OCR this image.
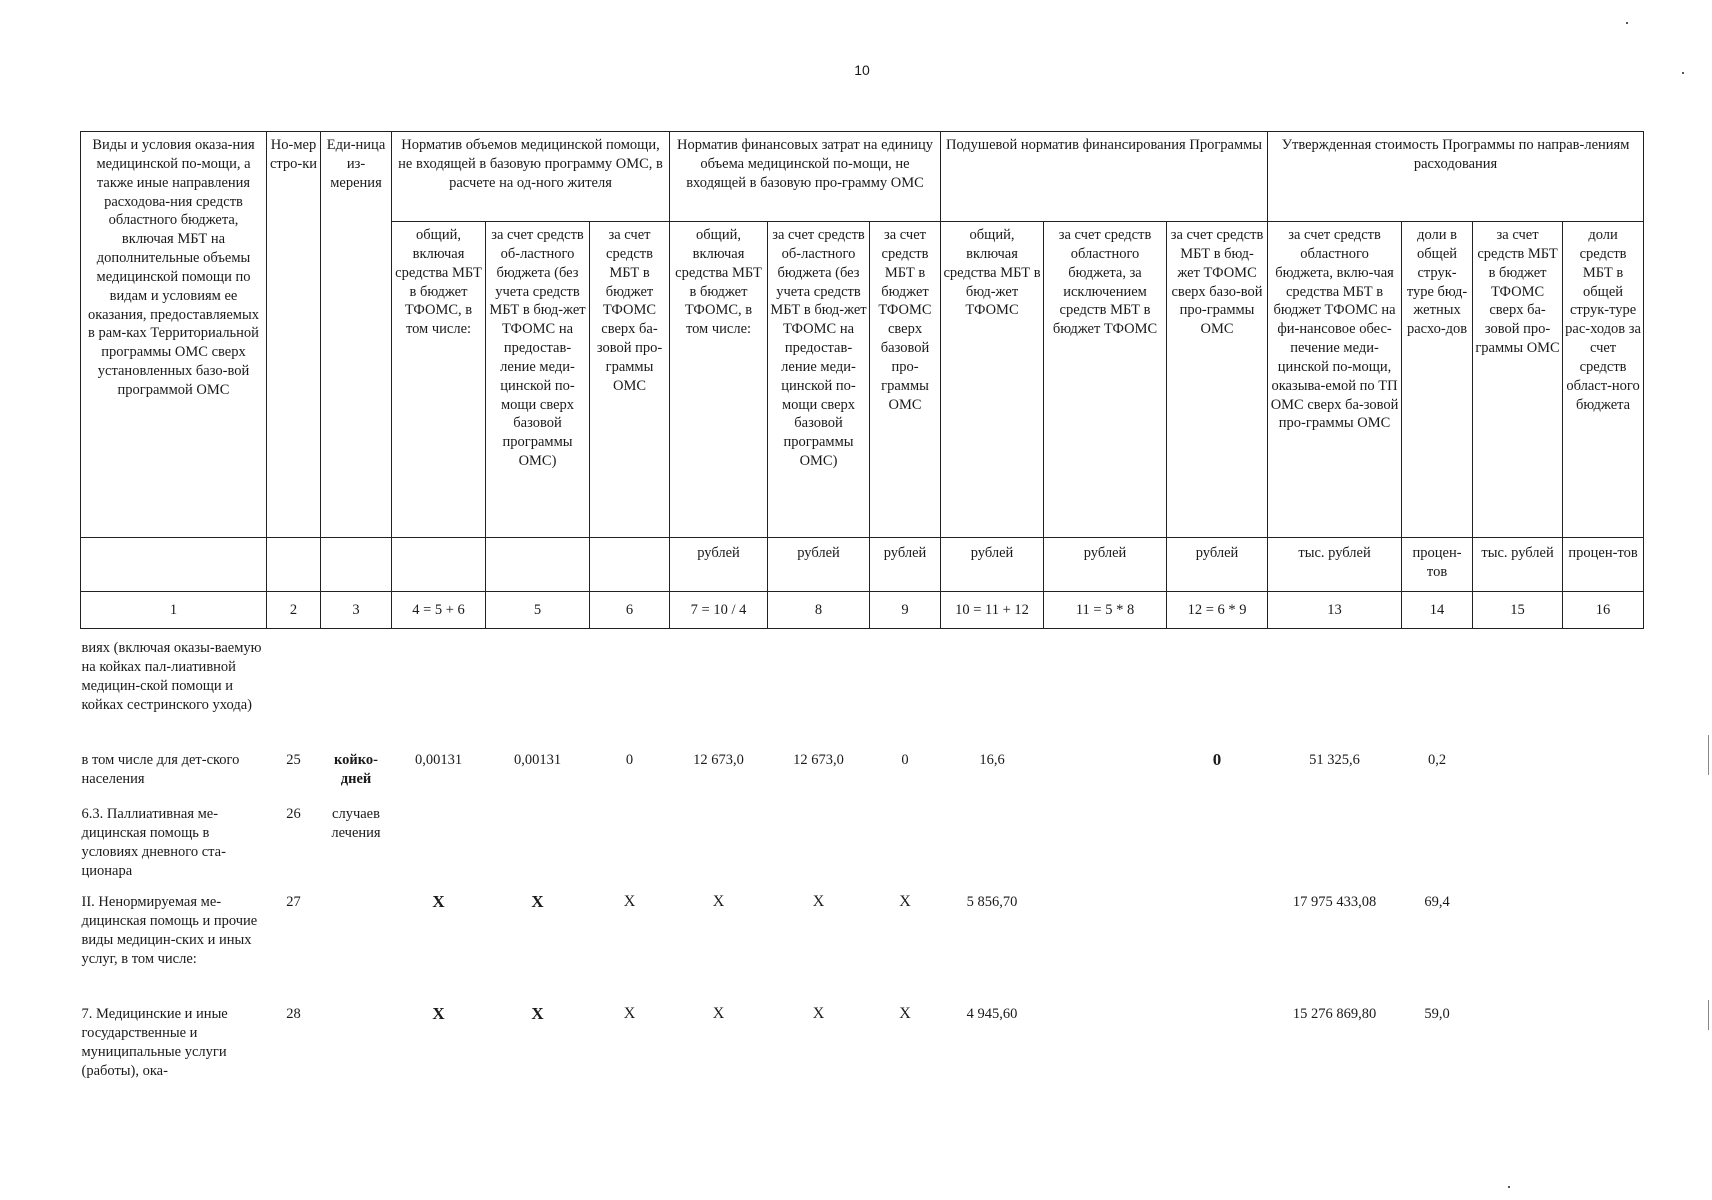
10
Виды и условия оказа-ния медицинской по-мощи, а также иные направления расходова-ния средств областного бюджета, включая МБТ на дополнительные объемы медицинской помощи по видам и условиям ее оказания, предоставляемых в рам-ках Территориальной программы ОМС сверх установленных базо-вой программой ОМС	Но-мер стро-ки	Еди-ница из-мерения	Норматив объемов медицинской помощи, не входящей в базовую программу ОМС, в расчете на од-ного жителя			Норматив финансовых затрат на единицу объема медицинской по-мощи, не входящей в базовую про-грамму ОМС			Подушевой норматив финансирования Программы			Утвержденная стоимость Программы по направ-лениям расходования			
			общий, включая средства МБТ в бюджет ТФОМС, в том числе:	за счет средств об-ластного бюджета (без учета средств МБТ в бюд-жет ТФОМС на предостав-ление меди-цинской по-мощи сверх базовой программы ОМС)	за счет средств МБТ в бюджет ТФОМС сверх ба-зовой про-граммы ОМС	общий, включая средства МБТ в бюджет ТФОМС, в том числе:	за счет средств об-ластного бюджета (без учета средств МБТ в бюд-жет ТФОМС на предостав-ление меди-цинской по-мощи сверх базовой программы ОМС)	за счет средств МБТ в бюджет ТФОМС сверх базовой про-граммы ОМС	общий, включая средства МБТ в бюд-жет ТФОМС	за счет средств областного бюджета, за исключением средств МБТ в бюджет ТФОМС	за счет средств МБТ в бюд-жет ТФОМС сверх базо-вой про-граммы ОМС	за счет средств областного бюджета, вклю-чая средства МБТ в бюджет ТФОМС на фи-нансовое обес-печение меди-цинской по-мощи, оказыва-емой по ТП ОМС сверх ба-зовой про-граммы ОМС	доли в общей струк-туре бюд-жетных расхо-дов	за счет средств МБТ в бюджет ТФОМС сверх ба-зовой про-граммы ОМС	доли средств МБТ в общей струк-туре рас-ходов за счет средств област-ного бюджета
						рублей	рублей	рублей	рублей	рублей	рублей	тыс. рублей	процен-тов	тыс. рублей	процен-тов
1	2	3	4 = 5 + 6	5	6	7 = 10 / 4	8	9	10 = 11 + 12	11 = 5 * 8	12 = 6 * 9	13	14	15	16
виях (включая оказы-ваемую на койках пал-лиативной медицин-ской помощи и койках сестринского ухода)															
в том числе для дет-ского населения	25	койко-дней	0,00131	0,00131	0	12 673,0	12 673,0	0	16,6		0	51 325,6	0,2		
6.3. Паллиативная ме-дицинская помощь в условиях дневного ста-ционара	26	случаев лечения													
II. Ненормируемая ме-дицинская помощь и прочие виды медицин-ских и иных услуг, в том числе:	27		X	X	X	X	X	X	5 856,70			17 975 433,08	69,4		
7. Медицинские и иные государственные и муниципальные услуги (работы), ока-	28		X	X	X	X	X	X	4 945,60			15 276 869,80	59,0		
